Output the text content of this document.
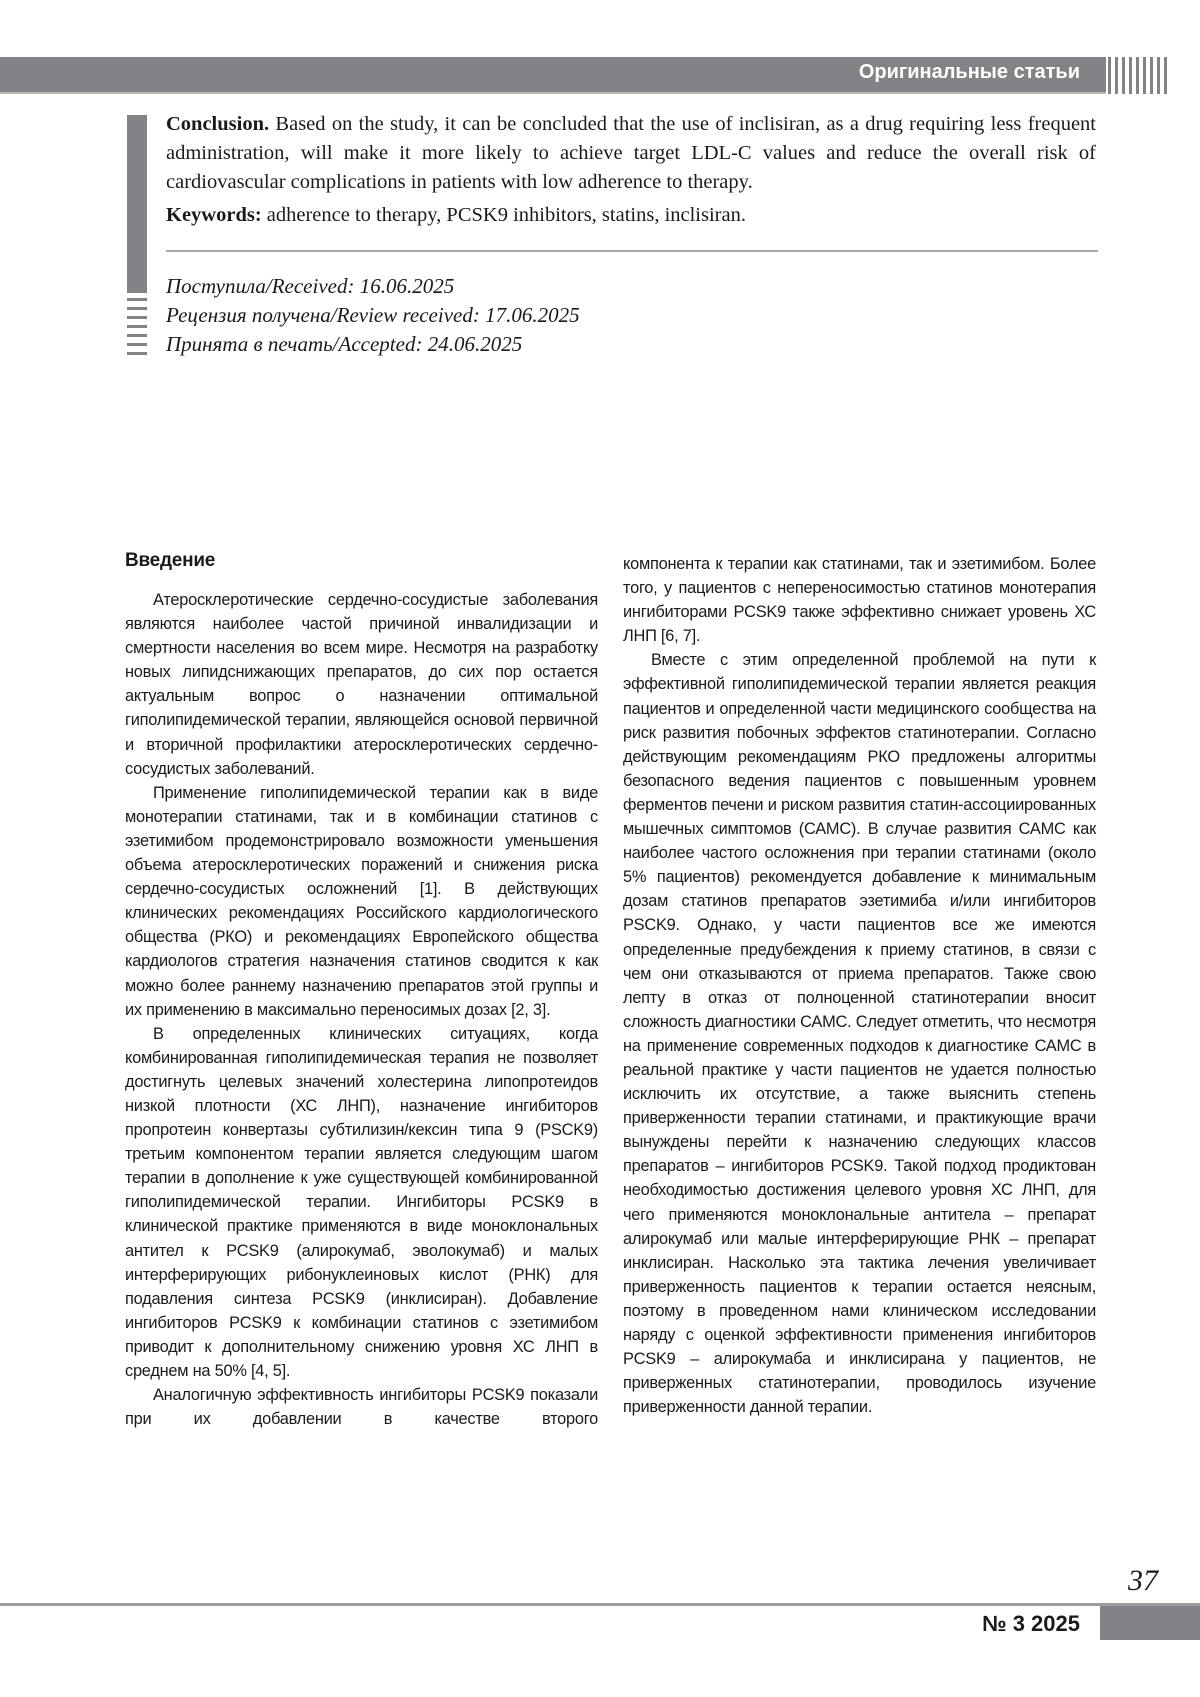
Оригинальные статьи

Conclusion. Based on the study, it can be concluded that the use of inclisiran, as a drug requiring less frequent administration, will make it more likely to achieve target LDL-C values and reduce the overall risk of cardiovascular complications in patients with low adherence to therapy.

Keywords: adherence to therapy, PCSK9 inhibitors, statins, inclisiran.

Поступила/Received: 16.06.2025
Рецензия получена/Review received: 17.06.2025
Принята в печать/Accepted: 24.06.2025
Введение

Атеросклеротические сердечно-сосудистые заболевания являются наиболее частой причиной инвалидизации и смертности населения во всем мире. Несмотря на разработку новых липидснижающих препаратов, до сих пор остается актуальным вопрос о назначении оптимальной гиполипидемической терапии, являющейся основой первичной и вторичной профилактики атеросклеротических сердечно-сосудистых заболеваний.

Применение гиполипидемической терапии как в виде монотерапии статинами, так и в комбинации статинов с эзетимибом продемонстрировало возможности уменьшения объема атеросклеротических поражений и снижения риска сердечно-сосудистых осложнений [1]. В действующих клинических рекомендациях Российского кардиологического общества (РКО) и рекомендациях Европейского общества кардиологов стратегия назначения статинов сводится к как можно более раннему назначению препаратов этой группы и их применению в максимально переносимых дозах [2, 3].

В определенных клинических ситуациях, когда комбинированная гиполипидемическая терапия не позволяет достигнуть целевых значений холестерина липопротеидов низкой плотности (ХС ЛНП), назначение ингибиторов пропротеин конвертазы субтилизин/кексин типа 9 (PSCK9) третьим компонентом терапии является следующим шагом терапии в дополнение к уже существующей комбинированной гиполипидемической терапии. Ингибиторы PCSK9 в клинической практике применяются в виде моноклональных антител к PCSK9 (алирокумаб, эволокумаб) и малых интерферирующих рибонуклеиновых кислот (РНК) для подавления синтеза PCSK9 (инклисиран). Добавление ингибиторов PCSK9 к комбинации статинов с эзетимибом приводит к дополнительному снижению уровня ХС ЛНП в среднем на 50% [4, 5].

Аналогичную эффективность ингибиторы PCSK9 показали при их добавлении в качестве второго

компонента к терапии как статинами, так и эзетимибом. Более того, у пациентов с непереносимостью статинов монотерапия ингибиторами PCSK9 также эффективно снижает уровень ХС ЛНП [6, 7].

Вместе с этим определенной проблемой на пути к эффективной гиполипидемической терапии является реакция пациентов и определенной части медицинского сообщества на риск развития побочных эффектов статинотерапии. Согласно действующим рекомендациям РКО предложены алгоритмы безопасного ведения пациентов с повышенным уровнем ферментов печени и риском развития статин-ассоциированных мышечных симптомов (САМС). В случае развития САМС как наиболее частого осложнения при терапии статинами (около 5% пациентов) рекомендуется добавление к минимальным дозам статинов препаратов эзетимиба и/или ингибиторов PSCK9. Однако, у части пациентов все же имеются определенные предубеждения к приему статинов, в связи с чем они отказываются от приема препаратов. Также свою лепту в отказ от полноценной статинотерапии вносит сложность диагностики САМС. Следует отметить, что несмотря на применение современных подходов к диагностике САМС в реальной практике у части пациентов не удается полностью исключить их отсутствие, а также выяснить степень приверженности терапии статинами, и практикующие врачи вынуждены перейти к назначению следующих классов препаратов – ингибиторов PCSK9. Такой подход продиктован необходимостью достижения целевого уровня ХС ЛНП, для чего применяются моноклональные антитела – препарат алирокумаб или малые интерферирующие РНК – препарат инклисиран. Насколько эта тактика лечения увеличивает приверженность пациентов к терапии остается неясным, поэтому в проведенном нами клиническом исследовании наряду с оценкой эффективности применения ингибиторов PCSK9 – алирокумаба и инклисирана у пациентов, не приверженных статинотерапии, проводилось изучение приверженности данной терапии.

37
№ 3 2025
